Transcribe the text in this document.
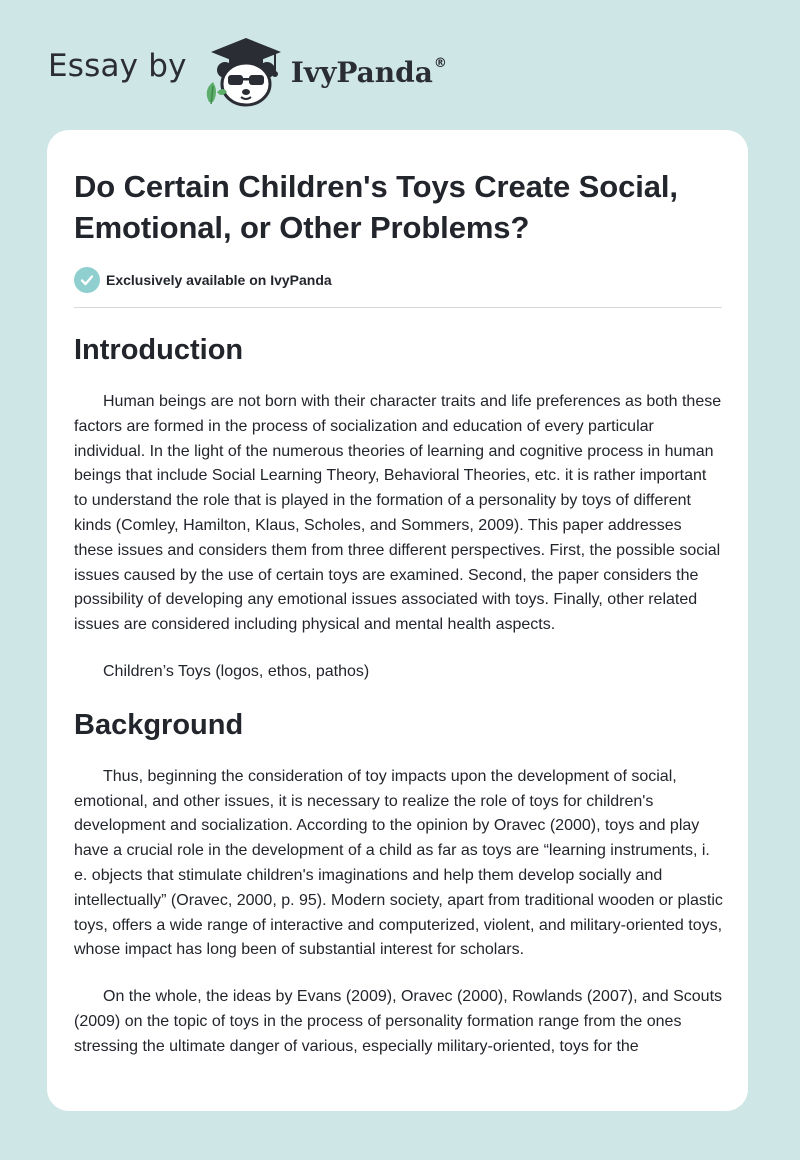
Essay by	IvyPanda®
Do Certain Children's Toys Create Social, Emotional, or Other Problems?
Exclusively available on IvyPanda
Introduction

Human beings are not born with their character traits and life preferences as both these factors are formed in the process of socialization and education of every particular individual. In the light of the numerous theories of learning and cognitive process in human beings that include Social Learning Theory, Behavioral Theories, etc. it is rather important to understand the role that is played in the formation of a personality by toys of different kinds (Comley, Hamilton, Klaus, Scholes, and Sommers, 2009). This paper addresses these issues and considers them from three different perspectives. First, the possible social issues caused by the use of certain toys are examined. Second, the paper considers the possibility of developing any emotional issues associated with toys. Finally, other related issues are considered including physical and mental health aspects.

Children’s Toys (logos, ethos, pathos)

Background

Thus, beginning the consideration of toy impacts upon the development of social, emotional, and other issues, it is necessary to realize the role of toys for children's development and socialization. According to the opinion by Oravec (2000), toys and play have a crucial role in the development of a child as far as toys are “learning instruments, i. e. objects that stimulate children's imaginations and help them develop socially and intellectually” (Oravec, 2000, p. 95). Modern society, apart from traditional wooden or plastic toys, offers a wide range of interactive and computerized, violent, and military-oriented toys, whose impact has long been of substantial interest for scholars.

On the whole, the ideas by Evans (2009), Oravec (2000), Rowlands (2007), and Scouts (2009) on the topic of toys in the process of personality formation range from the ones stressing the ultimate danger of various, especially military-oriented, toys for the
